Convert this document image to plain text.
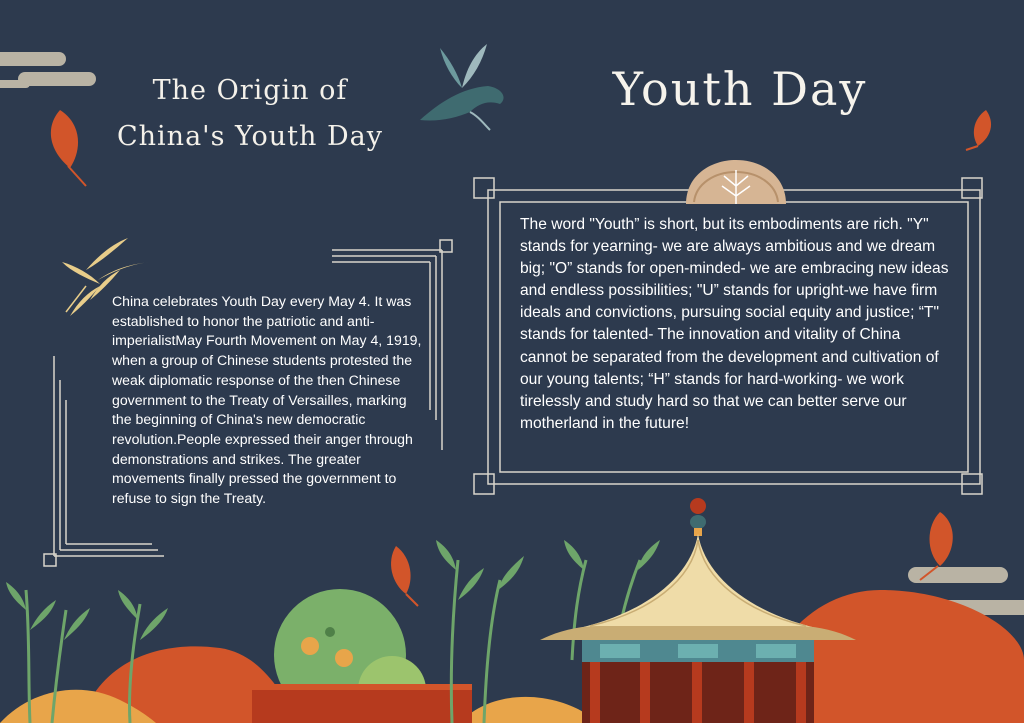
The Origin of
China's Youth Day
Youth Day
China celebrates Youth Day every May 4. It was established to honor the patriotic and anti-imperialistMay Fourth Movement on May 4, 1919, when a group of Chinese students protested the weak diplomatic response of the then Chinese government to the Treaty of Versailles, marking the beginning of China's new democratic revolution.People expressed their anger through demonstrations and strikes. The greater movements finally pressed the government to refuse to sign the Treaty.
The word "Youth” is short, but its embodiments are rich. "Y" stands for yearning- we are always ambitious and we dream big; "O” stands for open-minded- we are embracing new ideas and endless possibilities; "U” stands for upright-we have firm ideals and convictions, pursuing social equity and justice; “T" stands for talented- The innovation and vitality of China cannot be separated from the development and cultivation of our young talents; “H” stands for hard-working- we work tirelessly and study hard so that we can better serve our motherland in the future!
